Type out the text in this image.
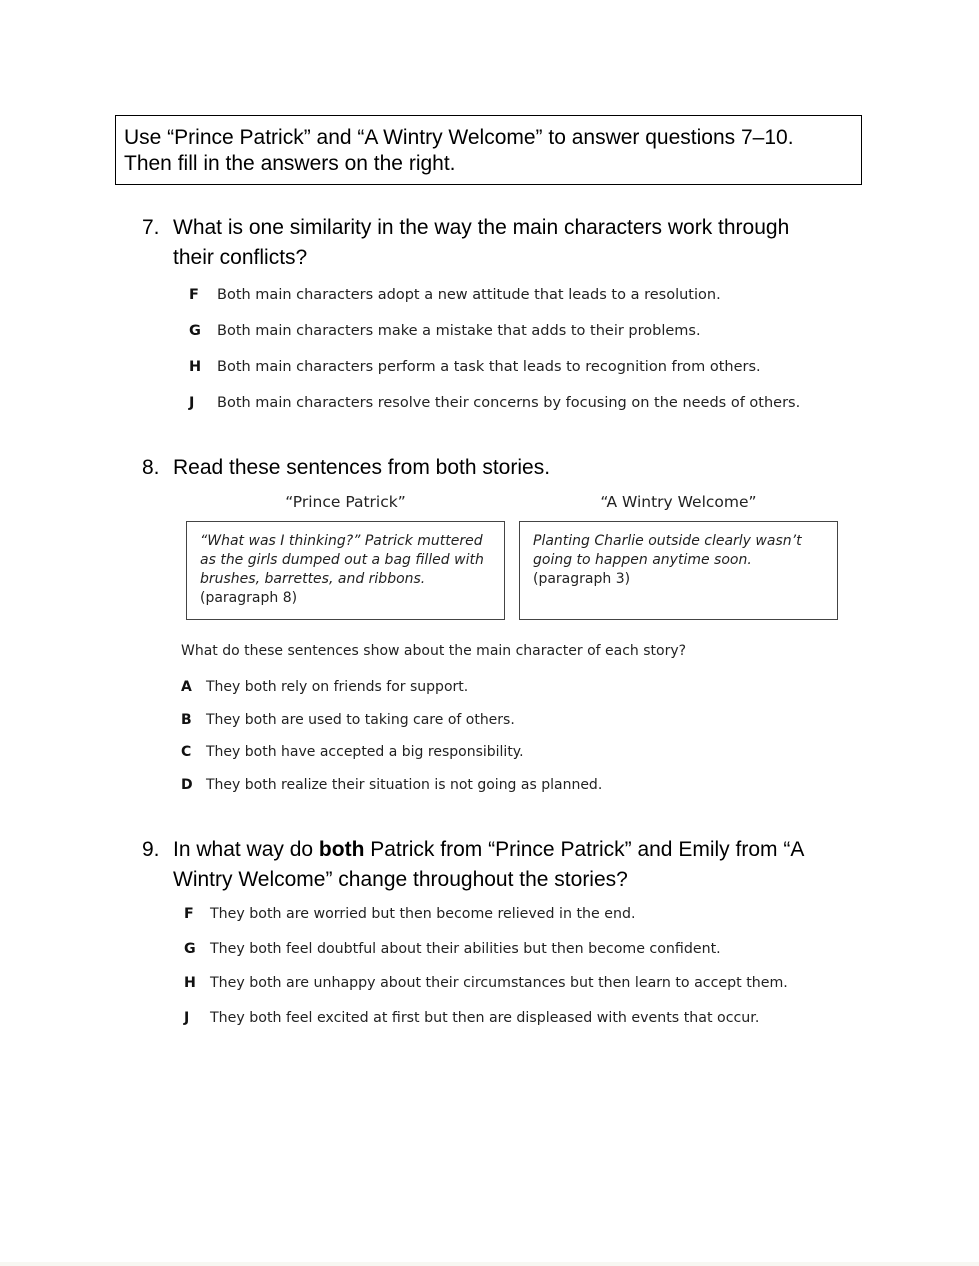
Use “Prince Patrick” and “A Wintry Welcome” to answer questions 7–10.
Then fill in the answers on the right.
7. What is one similarity in the way the main characters work through
their conflicts?
F Both main characters adopt a new attitude that leads to a resolution.
G Both main characters make a mistake that adds to their problems.
H Both main characters perform a task that leads to recognition from others.
J Both main characters resolve their concerns by focusing on the needs of others.
8. Read these sentences from both stories.
“Prince Patrick”	“A Wintry Welcome”
“What was I thinking?” Patrick muttered as the girls dumped out a bag filled with brushes, barrettes, and ribbons.
(paragraph 8)
Planting Charlie outside clearly wasn’t going to happen anytime soon.
(paragraph 3)
What do these sentences show about the main character of each story?
A They both rely on friends for support.
B They both are used to taking care of others.
C They both have accepted a big responsibility.
D They both realize their situation is not going as planned.
9. In what way do both Patrick from “Prince Patrick” and Emily from “A
Wintry Welcome” change throughout the stories?
F They both are worried but then become relieved in the end.
G They both feel doubtful about their abilities but then become confident.
H They both are unhappy about their circumstances but then learn to accept them.
J They both feel excited at first but then are displeased with events that occur.
